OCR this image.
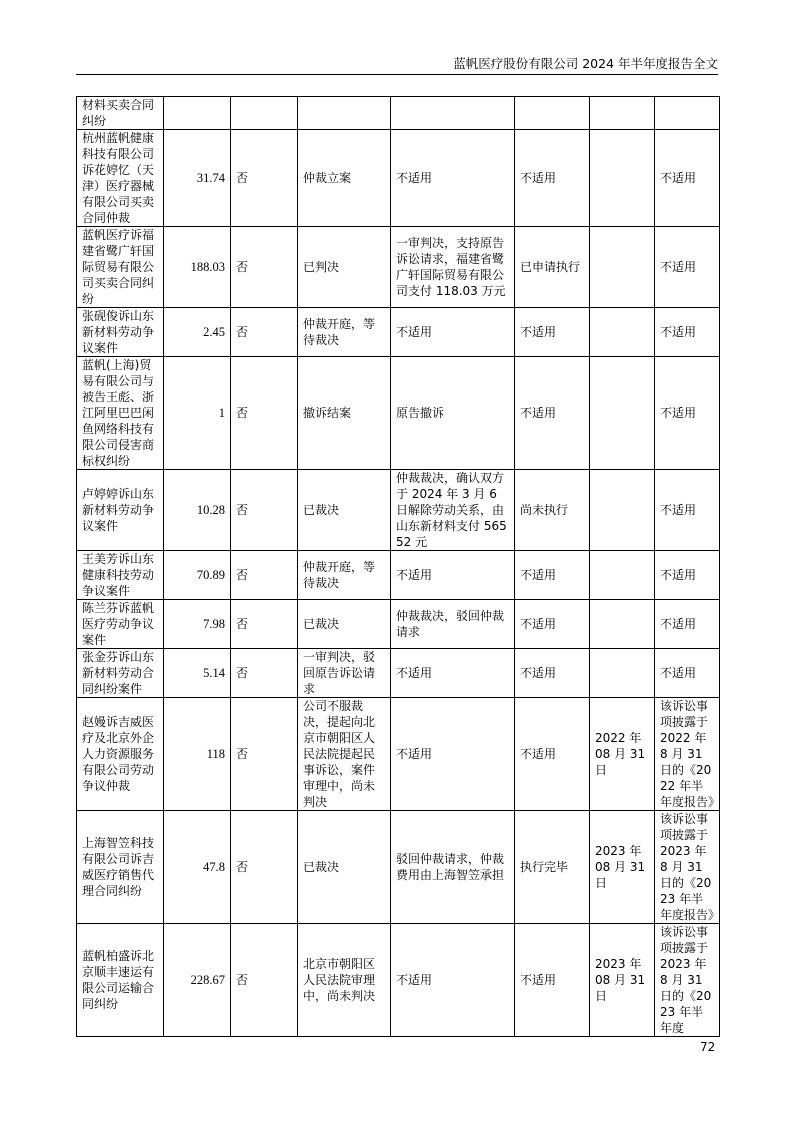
蓝帆医疗股份有限公司 2024 年半年度报告全文
材料买卖合同纠纷							
杭州蓝帆健康科技有限公司诉花婷忆（天津）医疗器械有限公司买卖合同仲裁	31.74	否	仲裁立案	不适用	不适用		不适用
蓝帆医疗诉福建省鹭广轩国际贸易有限公司买卖合同纠纷	188.03	否	已判决	一审判决，支持原告诉讼请求，福建省鹭广轩国际贸易有限公司支付 118.03 万元	已申请执行		不适用
张砚俊诉山东新材料劳动争议案件	2.45	否	仲裁开庭，等待裁决	不适用	不适用		不适用
蓝帆(上海)贸易有限公司与被告王彪、浙江阿里巴巴闲鱼网络科技有限公司侵害商标权纠纷	1	否	撤诉结案	原告撤诉	不适用		不适用
卢婷婷诉山东新材料劳动争议案件	10.28	否	已裁决	仲裁裁决，确认双方于 2024 年 3 月 6 日解除劳动关系，由山东新材料支付 56552 元	尚未执行		不适用
王美芳诉山东健康科技劳动争议案件	70.89	否	仲裁开庭，等待裁决	不适用	不适用		不适用
陈兰芬诉蓝帆医疗劳动争议案件	7.98	否	已裁决	仲裁裁决，驳回仲裁请求	不适用		不适用
张金芬诉山东新材料劳动合同纠纷案件	5.14	否	一审判决，驳回原告诉讼请求	不适用	不适用		不适用
赵嫚诉吉威医疗及北京外企人力资源服务有限公司劳动争议仲裁	118	否	公司不服裁决，提起向北京市朝阳区人民法院提起民事诉讼，案件审理中，尚未判决	不适用	不适用	2022 年 08 月 31 日	该诉讼事项披露于 2022 年 8 月 31 日的《2022 年半年度报告》
上海智笠科技有限公司诉吉威医疗销售代理合同纠纷	47.8	否	已裁决	驳回仲裁请求，仲裁费用由上海智笠承担	执行完毕	2023 年 08 月 31 日	该诉讼事项披露于 2023 年 8 月 31 日的《2023 年半年度报告》
蓝帆柏盛诉北京顺丰速运有限公司运输合同纠纷	228.67	否	北京市朝阳区人民法院审理中，尚未判决	不适用	不适用	2023 年 08 月 31 日	该诉讼事项披露于 2023 年 8 月 31 日的《2023 年半年度
72
